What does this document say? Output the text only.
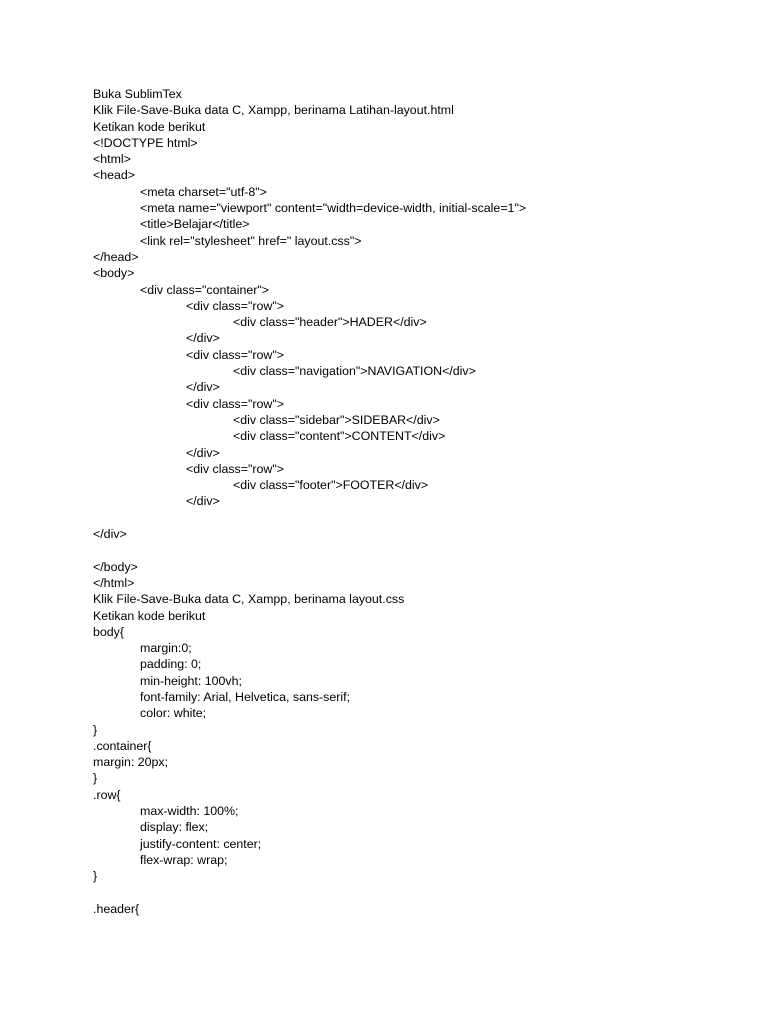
Buka SublimTex
Klik File-Save-Buka data C, Xampp, berinama Latihan-layout.html
Ketikan kode berikut
<!DOCTYPE html>
<html>
<head>
<meta charset="utf-8">
<meta name="viewport" content="width=device-width, initial-scale=1">
<title>Belajar</title>
<link rel="stylesheet" href=" layout.css">
</head>
<body>
<div class="container">
<div class="row">
<div class="header">HADER</div>
</div>
<div class="row">
<div class="navigation">NAVIGATION</div>
</div>
<div class="row">
<div class="sidebar">SIDEBAR</div>
<div class="content">CONTENT</div>
</div>
<div class="row">
<div class="footer">FOOTER</div>
</div>
</div>
</body>
</html>
Klik File-Save-Buka data C, Xampp, berinama layout.css
Ketikan kode berikut
body{
margin:0;
padding: 0;
min-height: 100vh;
font-family: Arial, Helvetica, sans-serif;
color: white;
}
.container{
margin: 20px;
}
.row{
max-width: 100%;
display: flex;
justify-content: center;
flex-wrap: wrap;
}
.header{
